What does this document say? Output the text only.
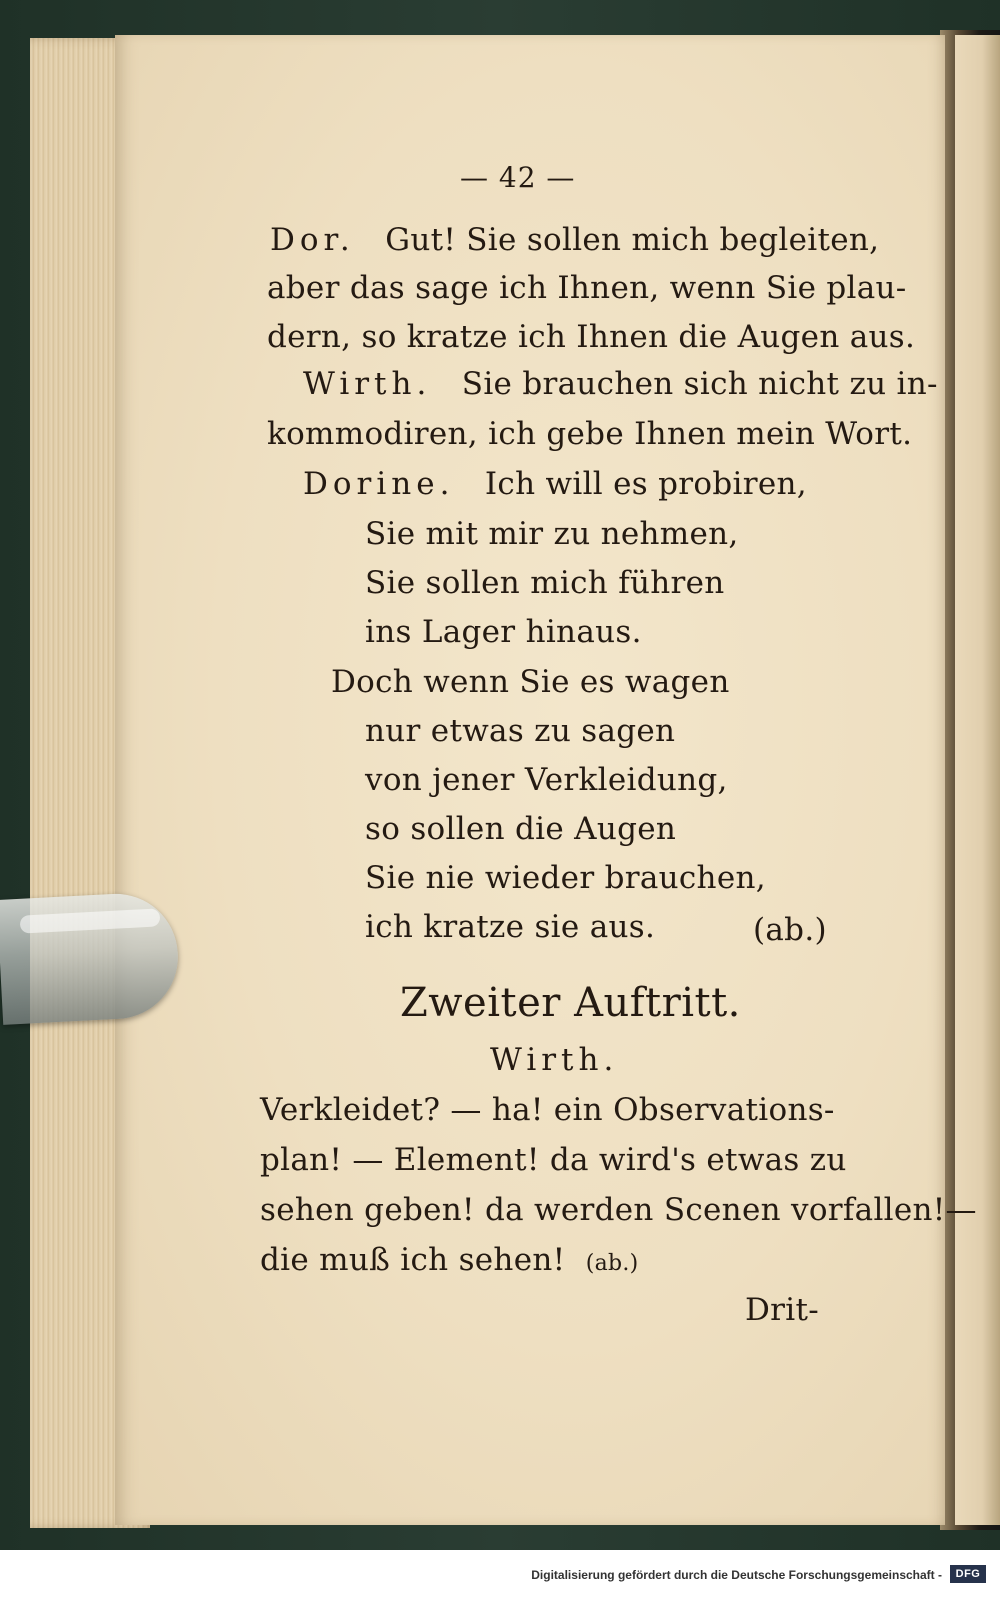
— 42 —
Dor. Gut! Sie sollen mich begleiten,
aber das sage ich Ihnen, wenn Sie plau-
dern, so kratze ich Ihnen die Augen aus.
Wirth. Sie brauchen sich nicht zu in-
kommodiren, ich gebe Ihnen mein Wort.
Dorine. Ich will es probiren,
Sie mit mir zu nehmen,
Sie sollen mich führen
ins Lager hinaus.
Doch wenn Sie es wagen
nur etwas zu sagen
von jener Verkleidung,
so sollen die Augen
Sie nie wieder brauchen,
ich kratze sie aus.	(ab.)
Zweiter Auftritt.
Wirth.
Verkleidet? — ha! ein Observations-
plan! — Element! da wird's etwas zu
sehen geben! da werden Scenen vorfallen!—
die muß ich sehen! (ab.)
Drit-
Digitalisierung gefördert durch die Deutsche Forschungsgemeinschaft -	DFG
